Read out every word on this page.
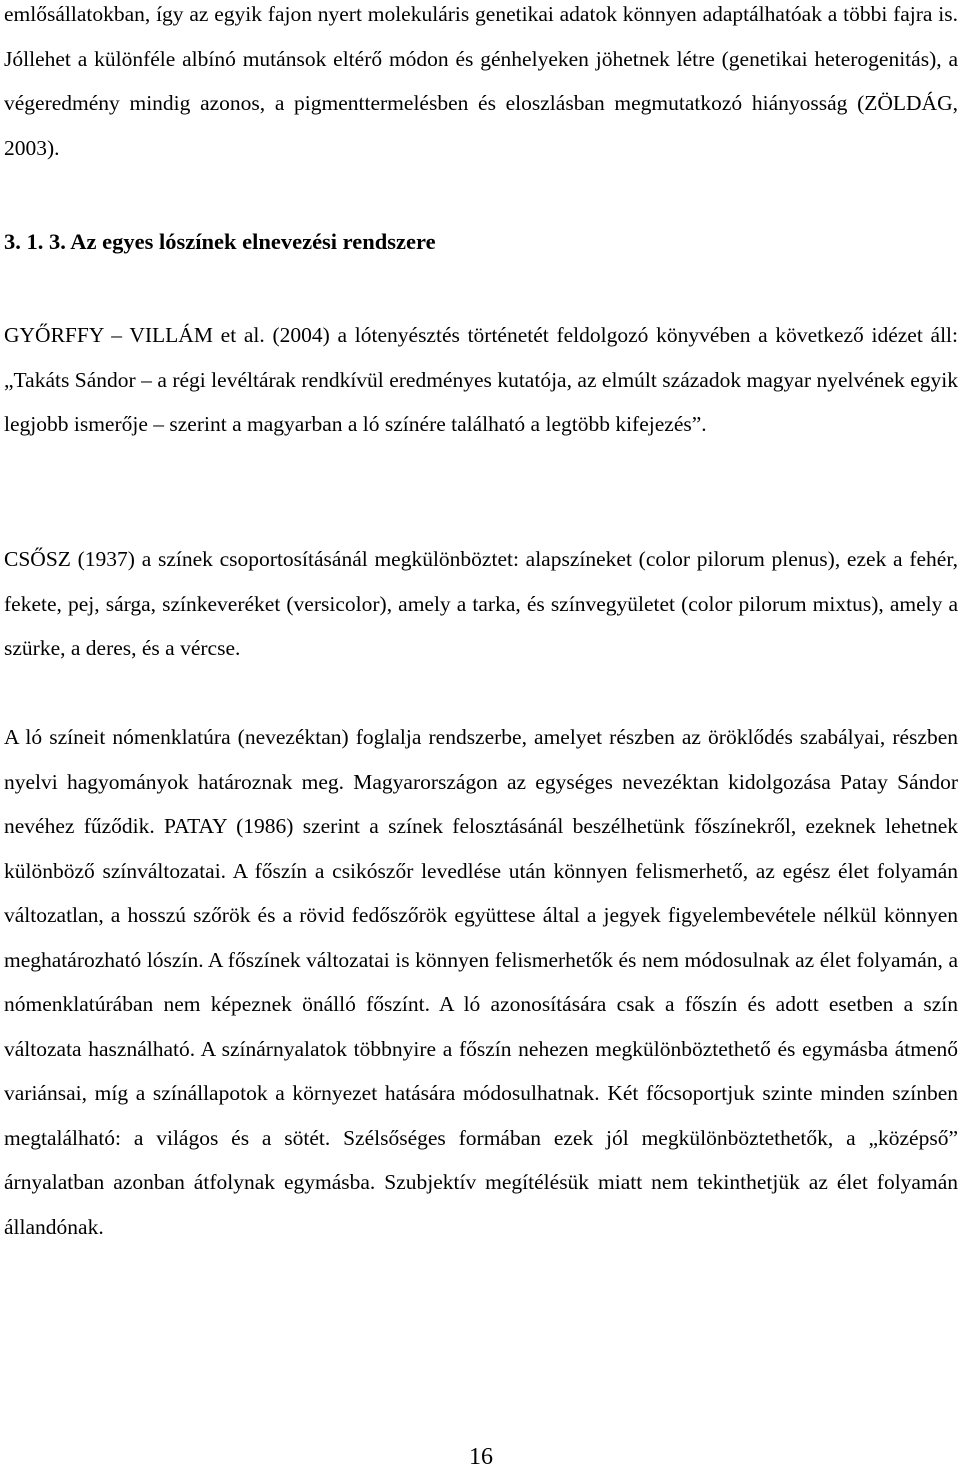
emlősállatokban, így az egyik fajon nyert molekuláris genetikai adatok könnyen adaptálhatóak a többi fajra is. Jóllehet a különféle albínó mutánsok eltérő módon és génhelyeken jöhetnek létre (genetikai heterogenitás), a végeredmény mindig azonos, a pigmenttermelésben és eloszlásban megmutatkozó hiányosság (ZÖLDÁG, 2003).

3. 1. 3. Az egyes lószínek elnevezési rendszere

GYŐRFFY – VILLÁM et al. (2004) a lótenyésztés történetét feldolgozó könyvében a következő idézet áll: „Takáts Sándor – a régi levéltárak rendkívül eredményes kutatója, az elmúlt századok magyar nyelvének egyik legjobb ismerője – szerint a magyarban a ló színére található a legtöbb kifejezés”.

CSŐSZ (1937) a színek csoportosításánál megkülönböztet: alapszíneket (color pilorum plenus), ezek a fehér, fekete, pej, sárga, színkeveréket (versicolor), amely a tarka, és színvegyületet (color pilorum mixtus), amely a szürke, a deres, és a vércse.

A ló színeit nómenklatúra (nevezéktan) foglalja rendszerbe, amelyet részben az öröklődés szabályai, részben nyelvi hagyományok határoznak meg. Magyarországon az egységes nevezéktan kidolgozása Patay Sándor nevéhez fűződik. PATAY (1986) szerint a színek felosztásánál beszélhetünk főszínekről, ezeknek lehetnek különböző színváltozatai. A főszín a csikószőr levedlése után könnyen felismerhető, az egész élet folyamán változatlan, a hosszú szőrök és a rövid fedőszőrök együttese által a jegyek figyelembevétele nélkül könnyen meghatározható lószín. A főszínek változatai is könnyen felismerhetők és nem módosulnak az élet folyamán, a nómenklatúrában nem képeznek önálló főszínt. A ló azonosítására csak a főszín és adott esetben a szín változata használható. A színárnyalatok többnyire a főszín nehezen megkülönböztethető és egymásba átmenő variánsai, míg a színállapotok a környezet hatására módosulhatnak. Két főcsoportjuk szinte minden színben megtalálható: a világos és a sötét. Szélsőséges formában ezek jól megkülönböztethetők, a „középső” árnyalatban azonban átfolynak egymásba. Szubjektív megítélésük miatt nem tekinthetjük az élet folyamán állandónak.

16
